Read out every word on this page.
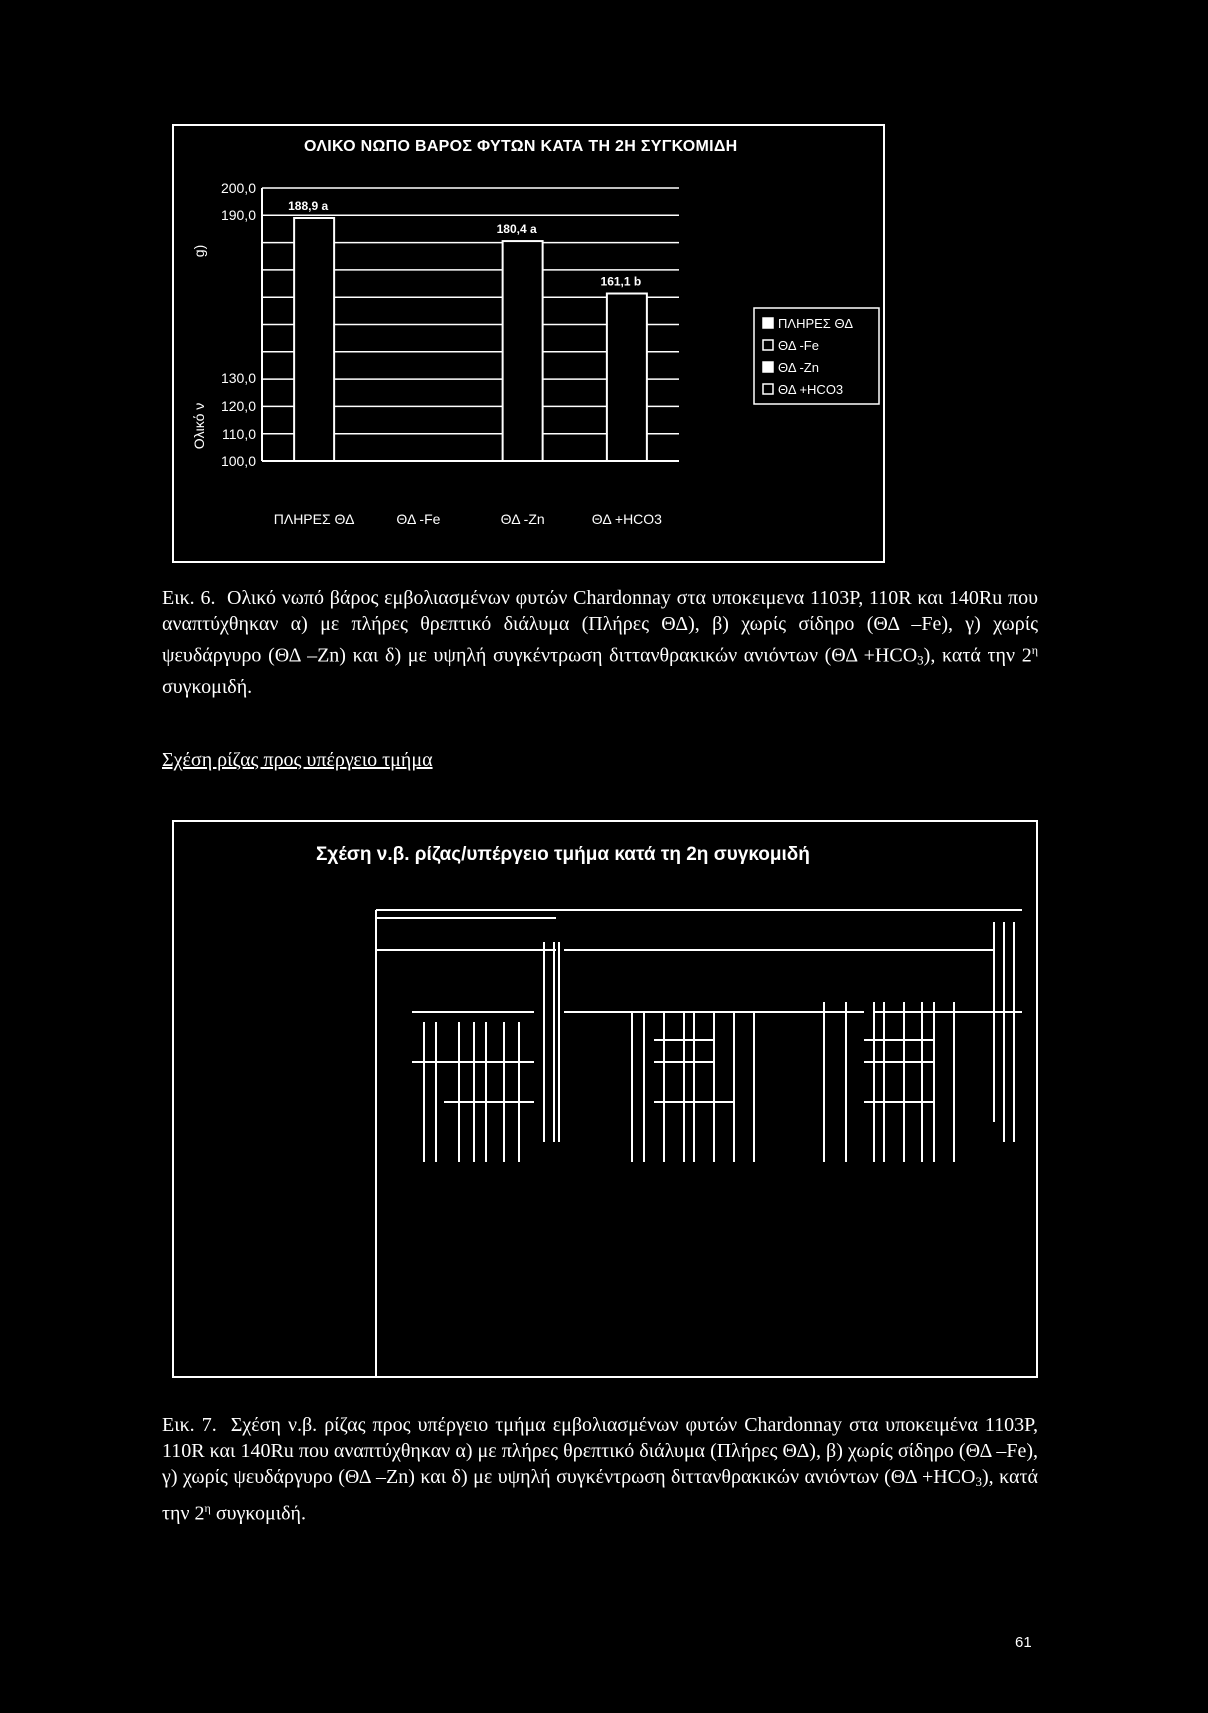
ΟΛΙΚΟ ΝΩΠΟ ΒΑΡΟΣ ΦΥΤΩΝ ΚΑΤΑ ΤΗ 2Η ΣΥΓΚΟΜΙΔΗ
200,0
190,0
130,0
120,0
110,0
100,0
Ολικό ν
g)
188,9 a
ΠΛΗΡΕΣ ΘΔ	ΘΔ -Fe
180,4 a
ΘΔ -Zn
161,1 b
ΘΔ +HCO3
ΠΛΗΡΕΣ ΘΔ
ΘΔ -Fe
ΘΔ -Zn
ΘΔ +HCO3
Εικ. 6. Ολικό νωπό βάρος εμβολιασμένων φυτών Chardonnay στα υποκειμενα 1103P, 110R και 140Ru που αναπτύχθηκαν α) με πλήρες θρεπτικό διάλυμα (Πλήρες ΘΔ), β) χωρίς σίδηρο (ΘΔ –Fe), γ) χωρίς ψευδάργυρο (ΘΔ –Zn) και δ) με υψηλή συγκέντρωση διττανθρακικών ανιόντων $(\Theta\Delta +HCO_3)$, κατά την $2^\eta$ συγκομιδή.
Σχέση ρίζας προς υπέργειο τμήμα
Σχέση ν.β. ρίζας/υπέργειο τμήμα κατά τη 2η συγκομιδή
Εικ. 7. Σχέση ν.β. ρίζας προς υπέργειο τμήμα εμβολιασμένων φυτών Chardonnay στα υποκειμένα 1103P, 110R και 140Ru που αναπτύχθηκαν α) με πλήρες θρεπτικό διάλυμα (Πλήρες ΘΔ), β) χωρίς σίδηρο (ΘΔ –Fe), γ) χωρίς ψευδάργυρο (ΘΔ –Zn) και δ) με υψηλή συγκέντρωση διττανθρακικών ανιόντων $(\Theta\Delta +HCO_3)$, κατά την $2^\eta$ συγκομιδή.
61
